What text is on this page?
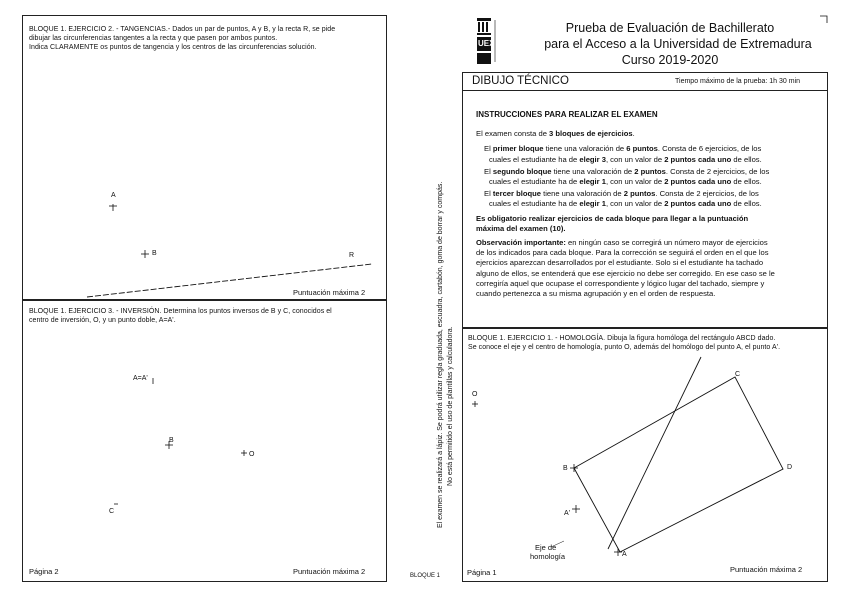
BLOQUE 1. EJERCICIO 2. - TANGENCIAS.- Dados un par de puntos, A y B, y la recta R, se pide
dibujar las circunferencias tangentes a la recta y que pasen por ambos puntos.
Indica CLARAMENTE os puntos de tangencia y los centros de las circunferencias solución.
A
B	R
Puntuación máxima 2
BLOQUE 1. EJERCICIO 3. - INVERSIÓN. Determina los puntos inversos de B y C, conocidos el
centro de inversión, O, y un punto doble, A=A'.
A=A'
B
O
C
Página 2	Puntuación máxima 2
El examen se realizará a lápiz. Se podrá utilizar regla graduada, escuadra, cartabón, goma de borrar y compás. No está permitido el uso de plantillas y calculadora.
BLOQUE 1
UEX
Prueba de Evaluación de Bachillerato
para el Acceso a la Universidad de Extremadura
Curso 2019-2020
DIBUJO TÉCNICO	Tiempo máximo de la prueba: 1h 30 min

INSTRUCCIONES PARA REALIZAR EL EXAMEN

El examen consta de 3 bloques de ejercicios.

El primer bloque tiene una valoración de 6 puntos. Consta de 6 ejercicios, de los

cuales el estudiante ha de elegir 3, con un valor de 2 puntos cada uno de ellos.

El segundo bloque tiene una valoración de 2 puntos. Consta de 2 ejercicios, de los

cuales el estudiante ha de elegir 1, con un valor de 2 puntos cada uno de ellos.

El tercer bloque tiene una valoración de 2 puntos. Consta de 2 ejercicios, de los

cuales el estudiante ha de elegir 1, con un valor de 2 puntos cada uno de ellos.

Es obligatorio realizar ejercicios de cada bloque para llegar a la puntuación

máxima del examen (10).

Observación importante: en ningún caso se corregirá un número mayor de ejercicios

de los indicados para cada bloque. Para la corrección se seguirá el orden en el que los

ejercicios aparezcan desarrollados por el estudiante. Solo si el estudiante ha tachado

alguno de ellos, se entenderá que ese ejercicio no debe ser corregido. En ese caso se le

corregiría aquel que ocupase el correspondiente y lógico lugar del tachado, siempre y

cuando pertenezca a su misma agrupación y en el orden de respuesta.

BLOQUE 1. EJERCICIO 1. - HOMOLOGÍA. Dibuja la figura homóloga del rectángulo ABCD dado.
Se conoce el eje y el centro de homología, punto O, además del homólogo del punto A, el punto A'.
O
B
C
D
A
A'
Eje de
homología
Página 1	Puntuación máxima 2
